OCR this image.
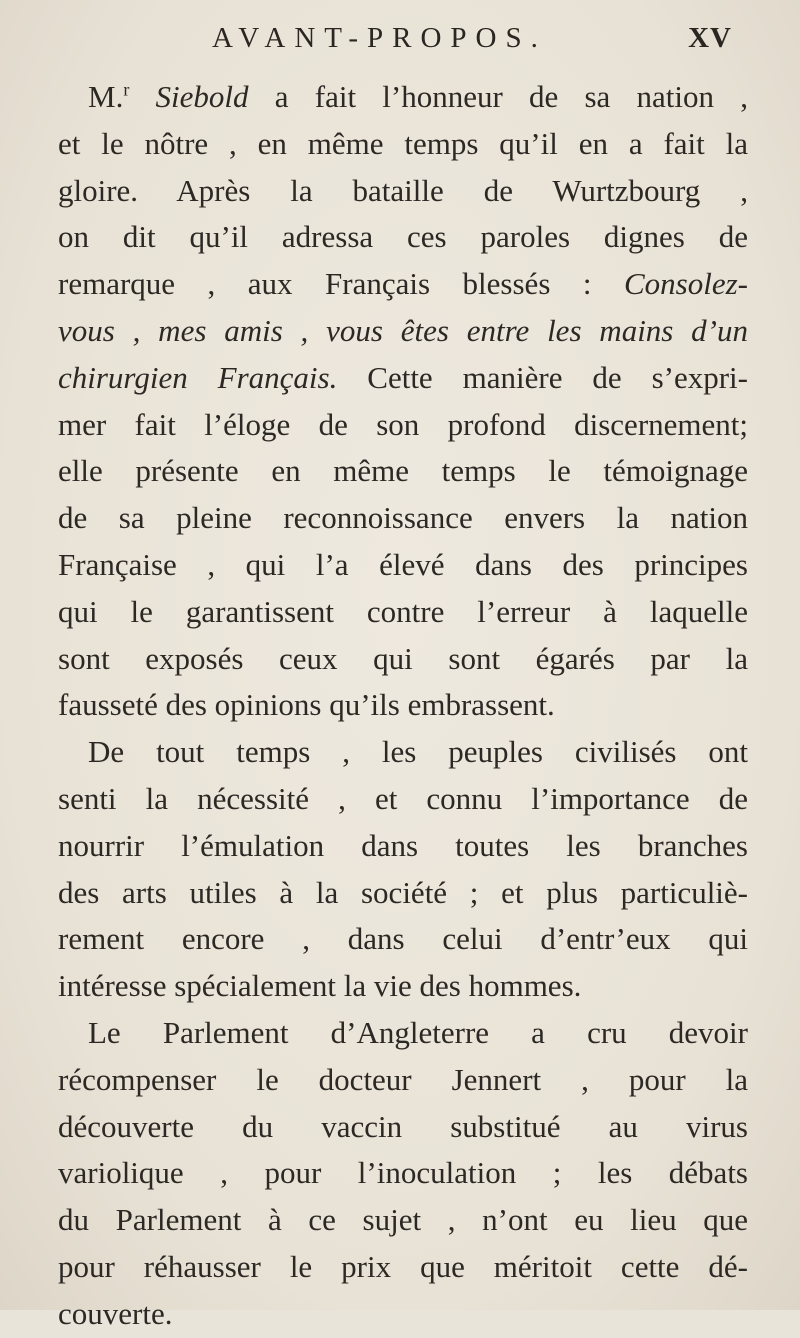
AVANT-PROPOS.	XV
M.$^r$ Siebold a fait l’honneur de sa nation ,
et le nôtre , en même temps qu’il en a fait la
gloire. Après la bataille de Wurtzbourg ,
on dit qu’il adressa ces paroles dignes de
remarque , aux Français blessés : Consolez-
vous , mes amis , vous êtes entre les mains d’un
chirurgien Français. Cette manière de s’expri-
mer fait l’éloge de son profond discernement;
elle présente en même temps le témoignage
de sa pleine reconnoissance envers la nation
Française , qui l’a élevé dans des principes
qui le garantissent contre l’erreur à laquelle
sont exposés ceux qui sont égarés par la
fausseté des opinions qu’ils embrassent.
De tout temps , les peuples civilisés ont
senti la nécessité , et connu l’importance de
nourrir l’émulation dans toutes les branches
des arts utiles à la société ; et plus particuliè-
rement encore , dans celui d’entr’eux qui
intéresse spécialement la vie des hommes.
Le Parlement d’Angleterre a cru devoir
récompenser le docteur Jennert , pour la
découverte du vaccin substitué au virus
variolique , pour l’inoculation ; les débats
du Parlement à ce sujet , n’ont eu lieu que
pour réhausser le prix que méritoit cette dé-
couverte.
